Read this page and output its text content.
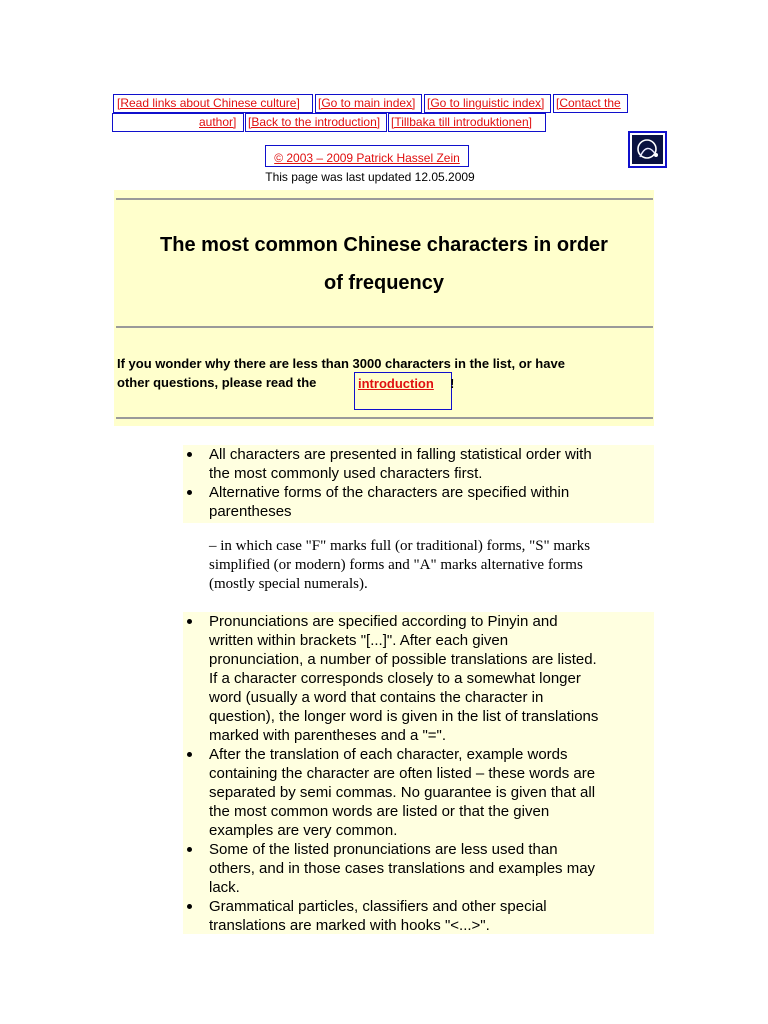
[Read links about Chinese culture]	[Go to main index] [Go to linguistic index] [Contact the
author] [Back to the introduction] [Tillbaka till introduktionen]
© 2003 – 2009 Patrick Hassel Zein
This page was last updated 12.05.2009
The most common Chinese characters in order
of frequency
If you wonder why there are less than 3000 characters in the list, or have
other questions, please read the	introduction !
All characters are presented in falling statistical order with
the most commonly used characters first.
Alternative forms of the characters are specified within
parentheses
– in which case "F" marks full (or traditional) forms, "S" marks
simplified (or modern) forms and "A" marks alternative forms
(mostly special numerals).
Pronunciations are specified according to Pinyin and
written within brackets "[...]". After each given
pronunciation, a number of possible translations are listed.
If a character corresponds closely to a somewhat longer
word (usually a word that contains the character in
question), the longer word is given in the list of translations
marked with parentheses and a "=".
After the translation of each character, example words
containing the character are often listed – these words are
separated by semi commas. No guarantee is given that all
the most common words are listed or that the given
examples are very common.
Some of the listed pronunciations are less used than
others, and in those cases translations and examples may
lack.
Grammatical particles, classifiers and other special
translations are marked with hooks "<...>".
